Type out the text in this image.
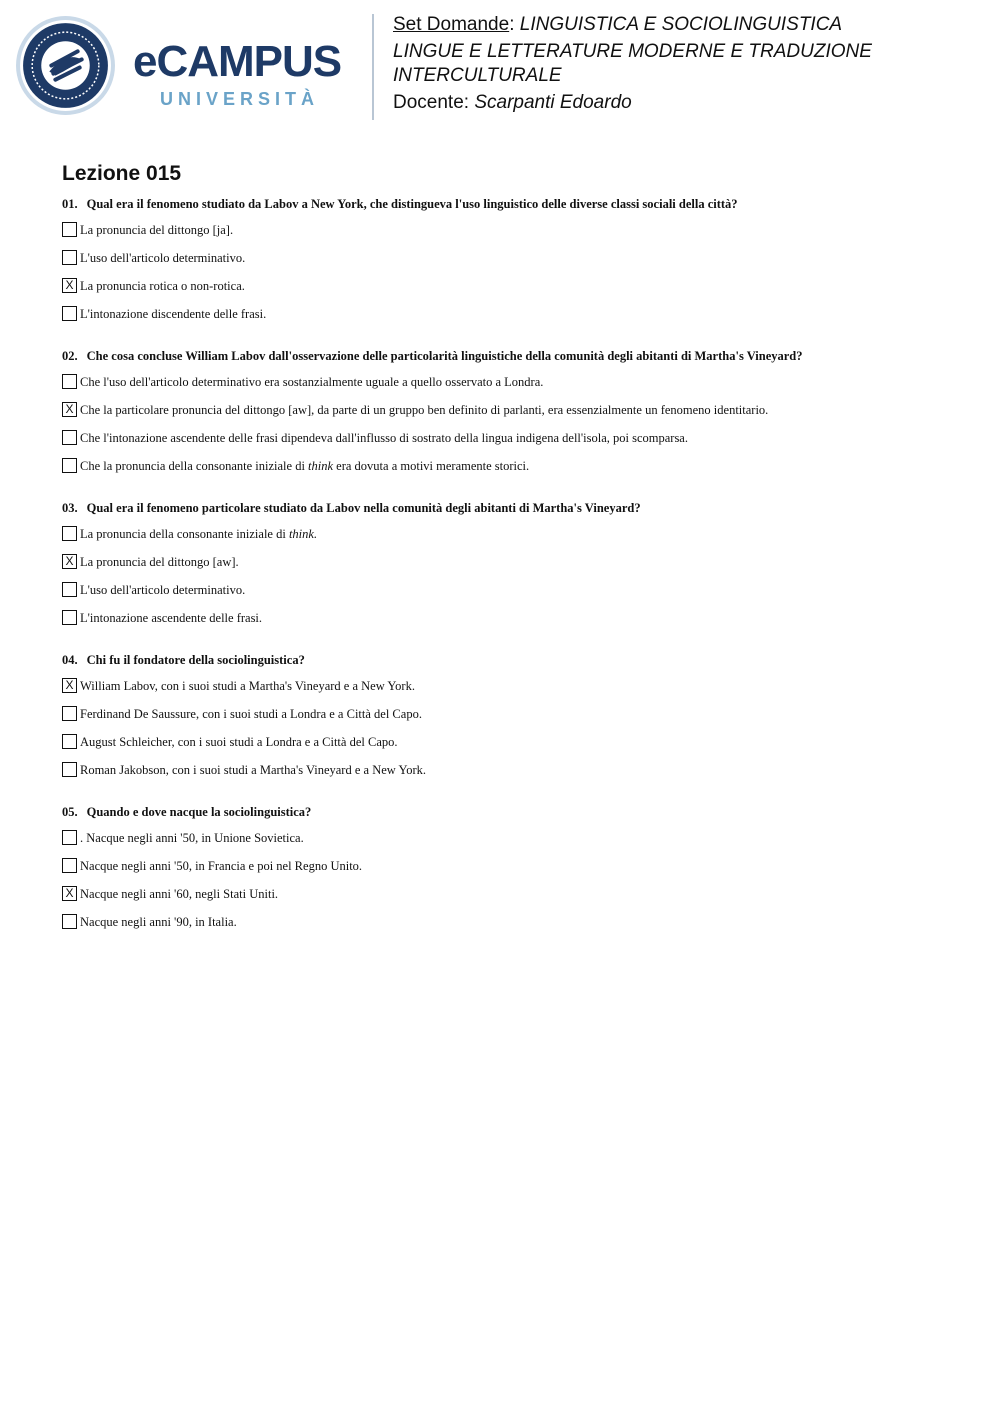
eCAMPUS
UNIVERSITÀ
Set Domande: LINGUISTICA E SOCIOLINGUISTICA
LINGUE E LETTERATURE MODERNE E TRADUZIONE
INTERCULTURALE
Docente: Scarpanti Edoardo
Lezione 015
01. Qual era il fenomeno studiato da Labov a New York, che distingueva l'uso linguistico delle diverse classi sociali della città?
La pronuncia del dittongo [ja].
L'uso dell'articolo determinativo.
X La pronuncia rotica o non-rotica.
L'intonazione discendente delle frasi.
02. Che cosa concluse William Labov dall'osservazione delle particolarità linguistiche della comunità degli abitanti di Martha's Vineyard?
Che l'uso dell'articolo determinativo era sostanzialmente uguale a quello osservato a Londra.
X Che la particolare pronuncia del dittongo [aw], da parte di un gruppo ben definito di parlanti, era essenzialmente un fenomeno identitario.
Che l'intonazione ascendente delle frasi dipendeva dall'influsso di sostrato della lingua indigena dell'isola, poi scomparsa.
Che la pronuncia della consonante iniziale di think era dovuta a motivi meramente storici.
03. Qual era il fenomeno particolare studiato da Labov nella comunità degli abitanti di Martha's Vineyard?
La pronuncia della consonante iniziale di think.
X La pronuncia del dittongo [aw].
L'uso dell'articolo determinativo.
L'intonazione ascendente delle frasi.
04. Chi fu il fondatore della sociolinguistica?
X William Labov, con i suoi studi a Martha's Vineyard e a New York.
Ferdinand De Saussure, con i suoi studi a Londra e a Città del Capo.
August Schleicher, con i suoi studi a Londra e a Città del Capo.
Roman Jakobson, con i suoi studi a Martha's Vineyard e a New York.
05. Quando e dove nacque la sociolinguistica?
. Nacque negli anni '50, in Unione Sovietica.
Nacque negli anni '50, in Francia e poi nel Regno Unito.
X Nacque negli anni '60, negli Stati Uniti.
Nacque negli anni '90, in Italia.
